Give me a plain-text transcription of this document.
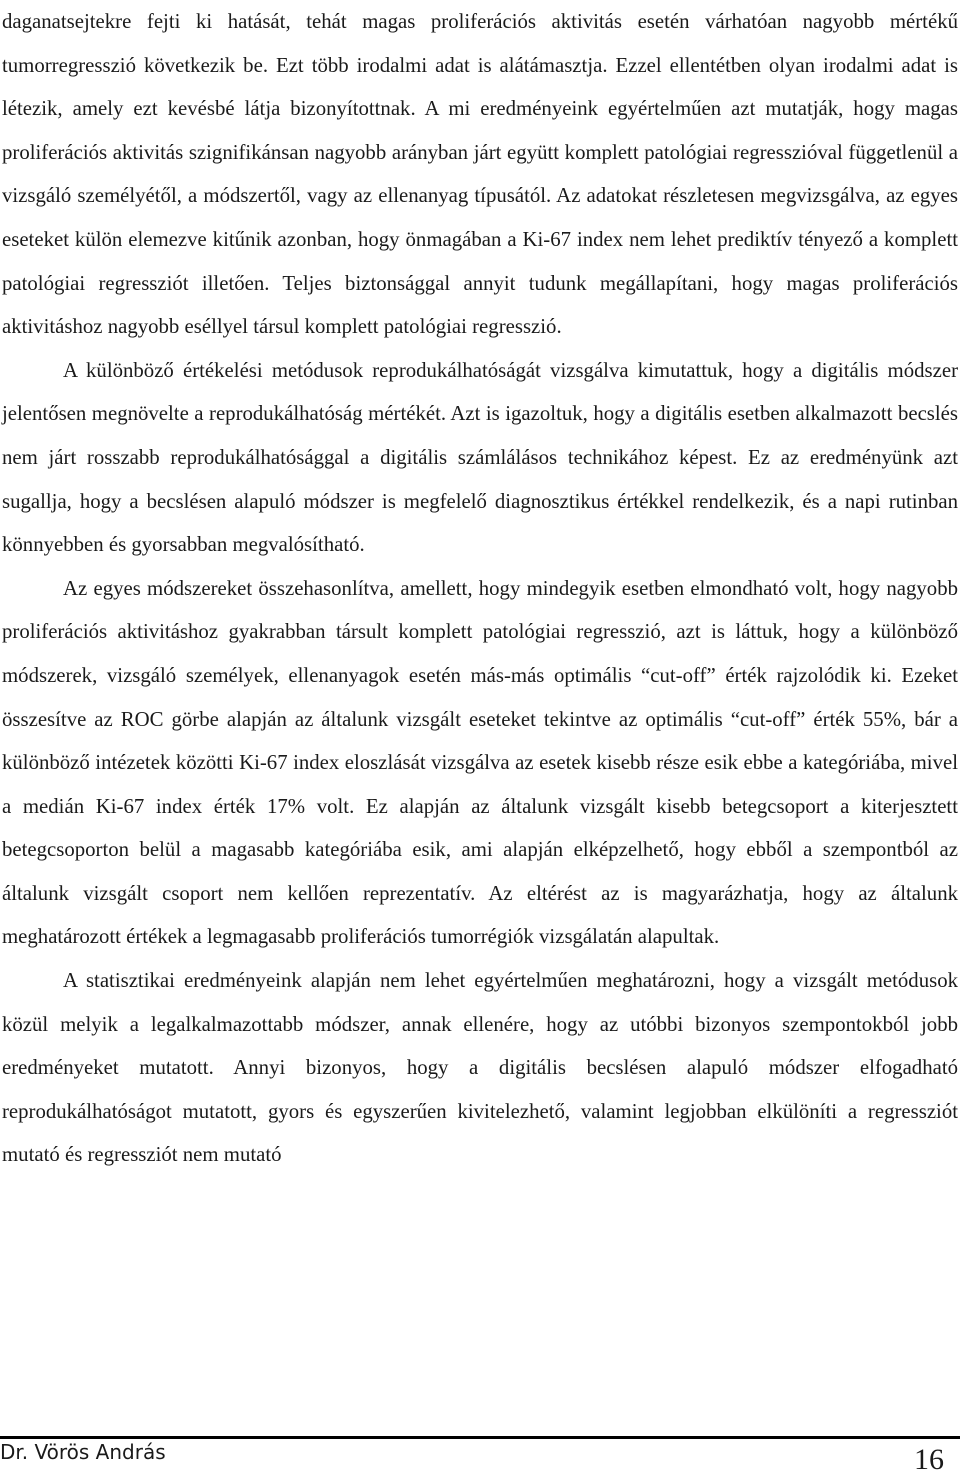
daganatsejtekre fejti ki hatását, tehát magas proliferációs aktivitás esetén várhatóan nagyobb mértékű tumorregresszió következik be. Ezt több irodalmi adat is alátámasztja. Ezzel ellentétben olyan irodalmi adat is létezik, amely ezt kevésbé látja bizonyítottnak. A mi eredményeink egyértelműen azt mutatják, hogy magas proliferációs aktivitás szignifikánsan nagyobb arányban járt együtt komplett patológiai regresszióval függetlenül a vizsgáló személyétől, a módszertől, vagy az ellenanyag típusától. Az adatokat részletesen megvizsgálva, az egyes eseteket külön elemezve kitűnik azonban, hogy önmagában a Ki-67 index nem lehet prediktív tényező a komplett patológiai regressziót illetően. Teljes biztonsággal annyit tudunk megállapítani, hogy magas proliferációs aktivitáshoz nagyobb eséllyel társul komplett patológiai regresszió.

A különböző értékelési metódusok reprodukálhatóságát vizsgálva kimutattuk, hogy a digitális módszer jelentősen megnövelte a reprodukálhatóság mértékét. Azt is igazoltuk, hogy a digitális esetben alkalmazott becslés nem járt rosszabb reprodukálhatósággal a digitális számlálásos technikához képest. Ez az eredményünk azt sugallja, hogy a becslésen alapuló módszer is megfelelő diagnosztikus értékkel rendelkezik, és a napi rutinban könnyebben és gyorsabban megvalósítható.

Az egyes módszereket összehasonlítva, amellett, hogy mindegyik esetben elmondható volt, hogy nagyobb proliferációs aktivitáshoz gyakrabban társult komplett patológiai regresszió, azt is láttuk, hogy a különböző módszerek, vizsgáló személyek, ellenanyagok esetén más-más optimális “cut-off” érték rajzolódik ki. Ezeket összesítve az ROC görbe alapján az általunk vizsgált eseteket tekintve az optimális “cut-off” érték 55%, bár a különböző intézetek közötti Ki-67 index eloszlását vizsgálva az esetek kisebb része esik ebbe a kategóriába, mivel a medián Ki-67 index érték 17% volt. Ez alapján az általunk vizsgált kisebb betegcsoport a kiterjesztett betegcsoporton belül a magasabb kategóriába esik, ami alapján elképzelhető, hogy ebből a szempontból az általunk vizsgált csoport nem kellően reprezentatív. Az eltérést az is magyarázhatja, hogy az általunk meghatározott értékek a legmagasabb proliferációs tumorrégiók vizsgálatán alapultak.

A statisztikai eredményeink alapján nem lehet egyértelműen meghatározni, hogy a vizsgált metódusok közül melyik a legalkalmazottabb módszer, annak ellenére, hogy az utóbbi bizonyos szempontokból jobb eredményeket mutatott. Annyi bizonyos, hogy a digitális becslésen alapuló módszer elfogadható reprodukálhatóságot mutatott, gyors és egyszerűen kivitelezhető, valamint legjobban elkülöníti a regressziót mutató és regressziót nem mutató

Dr. Vörös András	16
